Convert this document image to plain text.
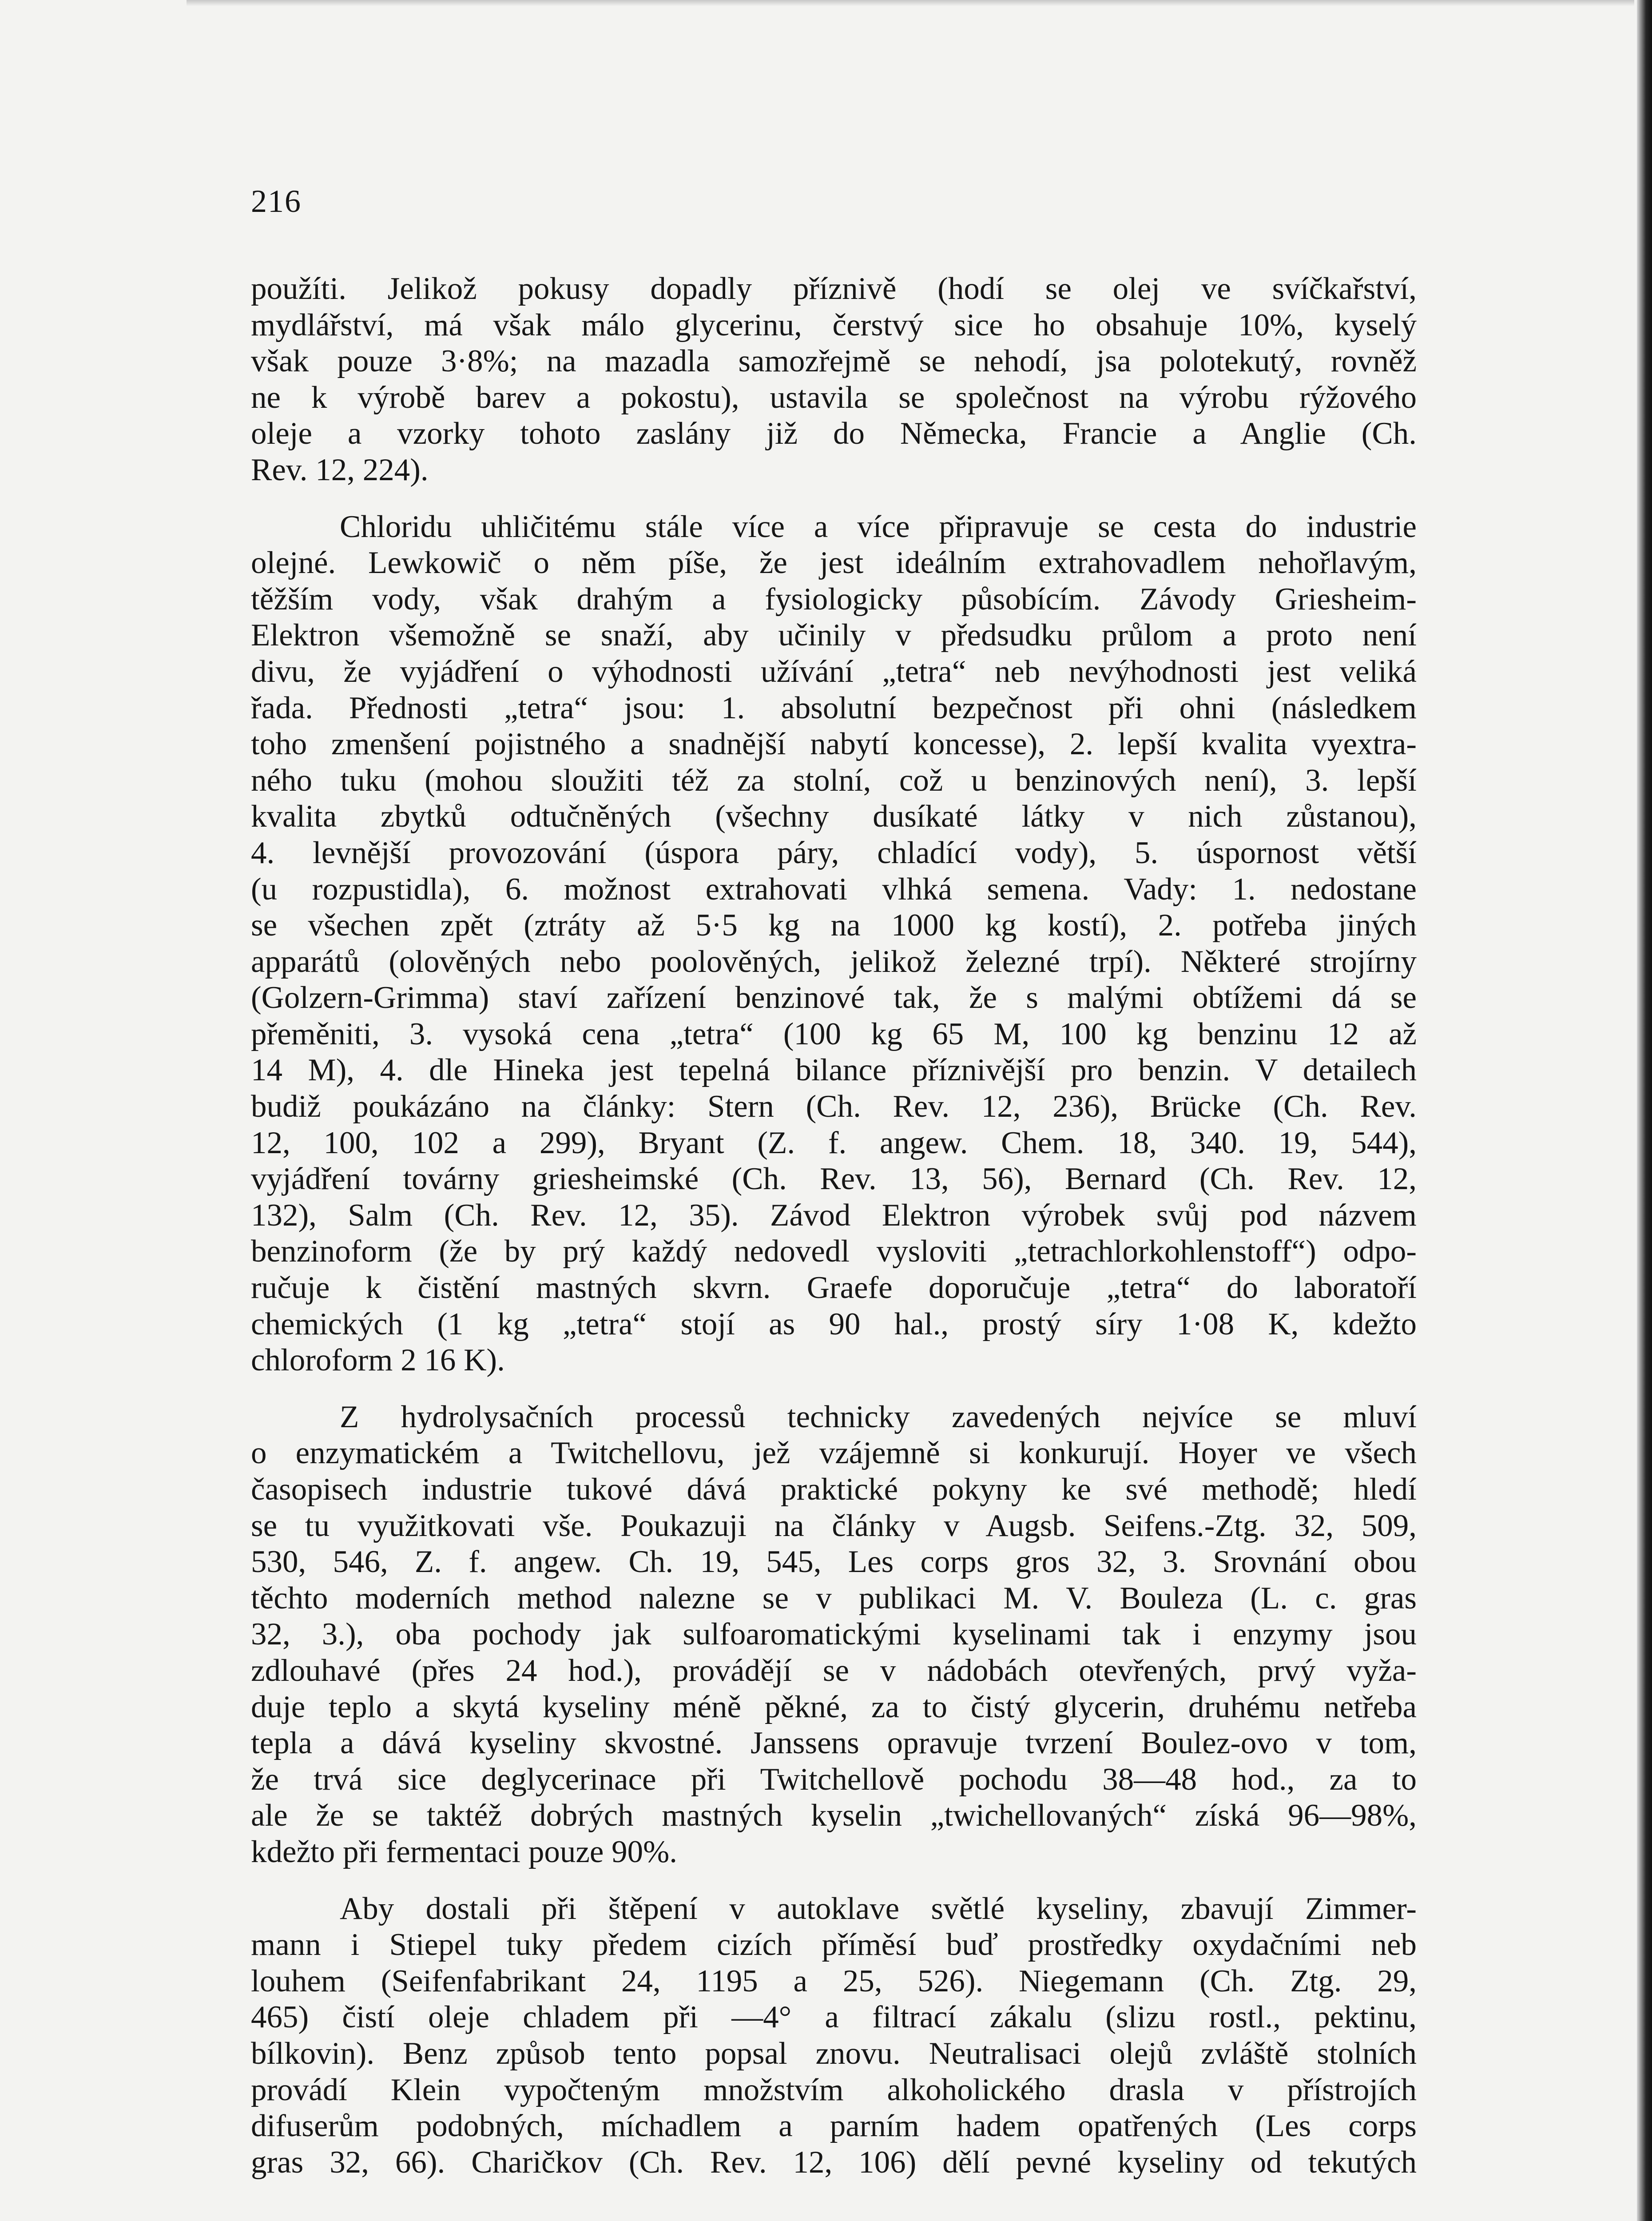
216
použíti. Jelikož pokusy dopadly příznivě (hodí se olej ve svíčkařství,
mydlářství, má však málo glycerinu, čerstvý sice ho obsahuje 10%, kyselý
však pouze 3·8%; na mazadla samozřejmě se nehodí, jsa polotekutý, rovněž
ne k výrobě barev a pokostu), ustavila se společnost na výrobu rýžového
oleje a vzorky tohoto zaslány již do Německa, Francie a Anglie (Ch.
Rev. 12, 224).
Chloridu uhličitému stále více a více připravuje se cesta do industrie
olejné. Lewkowič o něm píše, že jest ideálním extrahovadlem nehořlavým,
těžším vody, však drahým a fysiologicky působícím. Závody Griesheim-
Elektron všemožně se snaží, aby učinily v předsudku průlom a proto není
divu, že vyjádření o výhodnosti užívání „tetra“ neb nevýhodnosti jest veliká
řada. Přednosti „tetra“ jsou: 1. absolutní bezpečnost při ohni (následkem
toho zmenšení pojistného a snadnější nabytí koncesse), 2. lepší kvalita vyextra-
ného tuku (mohou sloužiti též za stolní, což u benzinových není), 3. lepší
kvalita zbytků odtučněných (všechny dusíkaté látky v nich zůstanou),
4. levnější provozování (úspora páry, chladící vody), 5. úspornost větší
(u rozpustidla), 6. možnost extrahovati vlhká semena. Vady: 1. nedostane
se všechen zpět (ztráty až 5·5 kg na 1000 kg kostí), 2. potřeba jiných
apparátů (olověných nebo poolověných, jelikož železné trpí). Některé strojírny
(Golzern-Grimma) staví zařízení benzinové tak, že s malými obtížemi dá se
přeměniti, 3. vysoká cena „tetra“ (100 kg 65 M, 100 kg benzinu 12 až
14 M), 4. dle Hineka jest tepelná bilance příznivější pro benzin. V detailech
budiž poukázáno na články: Stern (Ch. Rev. 12, 236), Brücke (Ch. Rev.
12, 100, 102 a 299), Bryant (Z. f. angew. Chem. 18, 340. 19, 544),
vyjádření továrny griesheimské (Ch. Rev. 13, 56), Bernard (Ch. Rev. 12,
132), Salm (Ch. Rev. 12, 35). Závod Elektron výrobek svůj pod názvem
benzinoform (že by prý každý nedovedl vysloviti „tetrachlorkohlenstoff“) odpo-
ručuje k čistění mastných skvrn. Graefe doporučuje „tetra“ do laboratoří
chemických (1 kg „tetra“ stojí as 90 hal., prostý síry 1·08 K, kdežto
chloroform 2 16 K).
Z hydrolysačních processů technicky zavedených nejvíce se mluví
o enzymatickém a Twitchellovu, jež vzájemně si konkurují. Hoyer ve všech
časopisech industrie tukové dává praktické pokyny ke své methodě; hledí
se tu využitkovati vše. Poukazuji na články v Augsb. Seifens.-Ztg. 32, 509,
530, 546, Z. f. angew. Ch. 19, 545, Les corps gros 32, 3. Srovnání obou
těchto moderních method nalezne se v publikaci M. V. Bouleza (L. c. gras
32, 3.), oba pochody jak sulfoaromatickými kyselinami tak i enzymy jsou
zdlouhavé (přes 24 hod.), provádějí se v nádobách otevřených, prvý vyža-
duje teplo a skytá kyseliny méně pěkné, za to čistý glycerin, druhému netřeba
tepla a dává kyseliny skvostné. Janssens opravuje tvrzení Boulez-ovo v tom,
že trvá sice deglycerinace při Twitchellově pochodu 38—48 hod., za to
ale že se taktéž dobrých mastných kyselin „twichellovaných“ získá 96—98%,
kdežto při fermentaci pouze 90%.
Aby dostali při štěpení v autoklave světlé kyseliny, zbavují Zimmer-
mann i Stiepel tuky předem cizích příměsí buď prostředky oxydačními neb
louhem (Seifenfabrikant 24, 1195 a 25, 526). Niegemann (Ch. Ztg. 29,
465) čistí oleje chladem při —4° a filtrací zákalu (slizu rostl., pektinu,
bílkovin). Benz způsob tento popsal znovu. Neutralisaci olejů zvláště stolních
provádí Klein vypočteným množstvím alkoholického drasla v přístrojích
difuserům podobných, míchadlem a parním hadem opatřených (Les corps
gras 32, 66). Charičkov (Ch. Rev. 12, 106) dělí pevné kyseliny od tekutých
